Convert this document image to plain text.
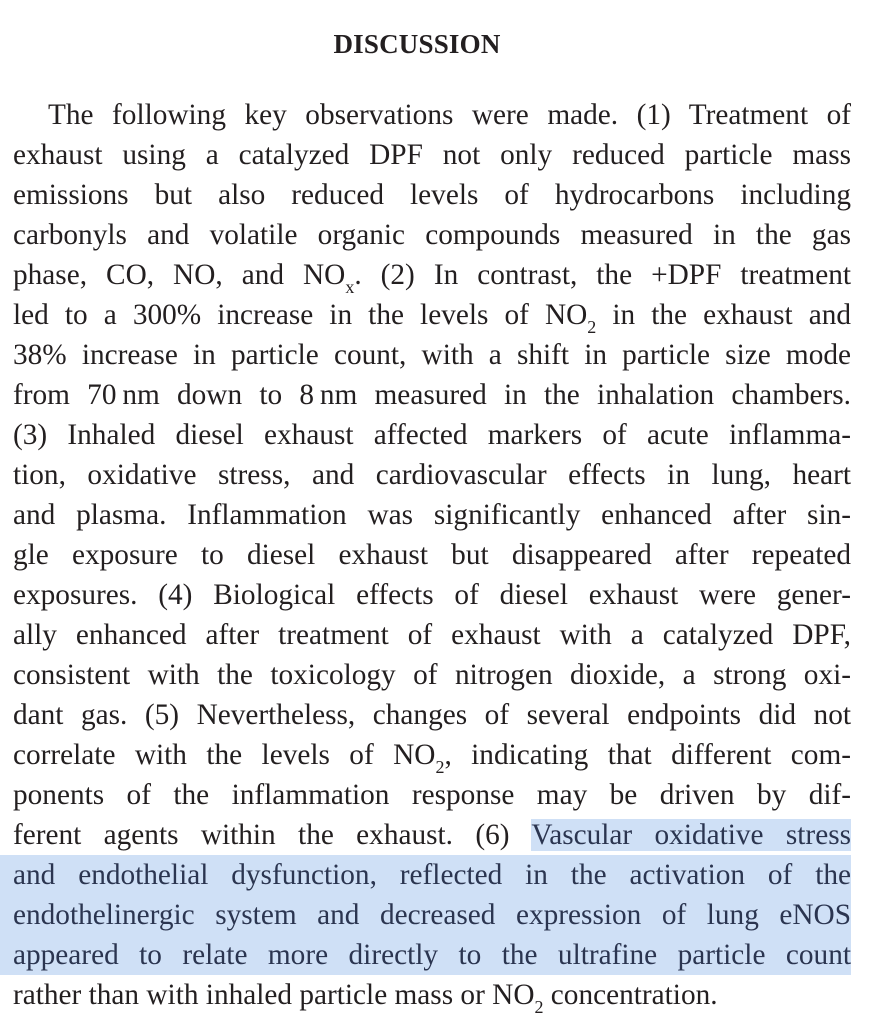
DISCUSSION
The following key observations were made. (1) Treatment of
exhaust using a catalyzed DPF not only reduced particle mass
emissions but also reduced levels of hydrocarbons including
carbonyls and volatile organic compounds measured in the gas
phase, CO, NO, and $NO_x$. (2) In contrast, the +DPF treatment
led to a 300% increase in the levels of $NO_2$ in the exhaust and
38% increase in particle count, with a shift in particle size mode
from 70 nm down to 8 nm measured in the inhalation chambers.
(3) Inhaled diesel exhaust affected markers of acute inflamma-
tion, oxidative stress, and cardiovascular effects in lung, heart
and plasma. Inflammation was significantly enhanced after sin-
gle exposure to diesel exhaust but disappeared after repeated
exposures. (4) Biological effects of diesel exhaust were gener-
ally enhanced after treatment of exhaust with a catalyzed DPF,
consistent with the toxicology of nitrogen dioxide, a strong oxi-
dant gas. (5) Nevertheless, changes of several endpoints did not
correlate with the levels of $NO_2$, indicating that different com-
ponents of the inflammation response may be driven by dif-
ferent agents within the exhaust. (6) Vascular oxidative stress
and endothelial dysfunction, reflected in the activation of the
endothelinergic system and decreased expression of lung eNOS
appeared to relate more directly to the ultrafine particle count
rather than with inhaled particle mass or $NO_2$ concentration.
